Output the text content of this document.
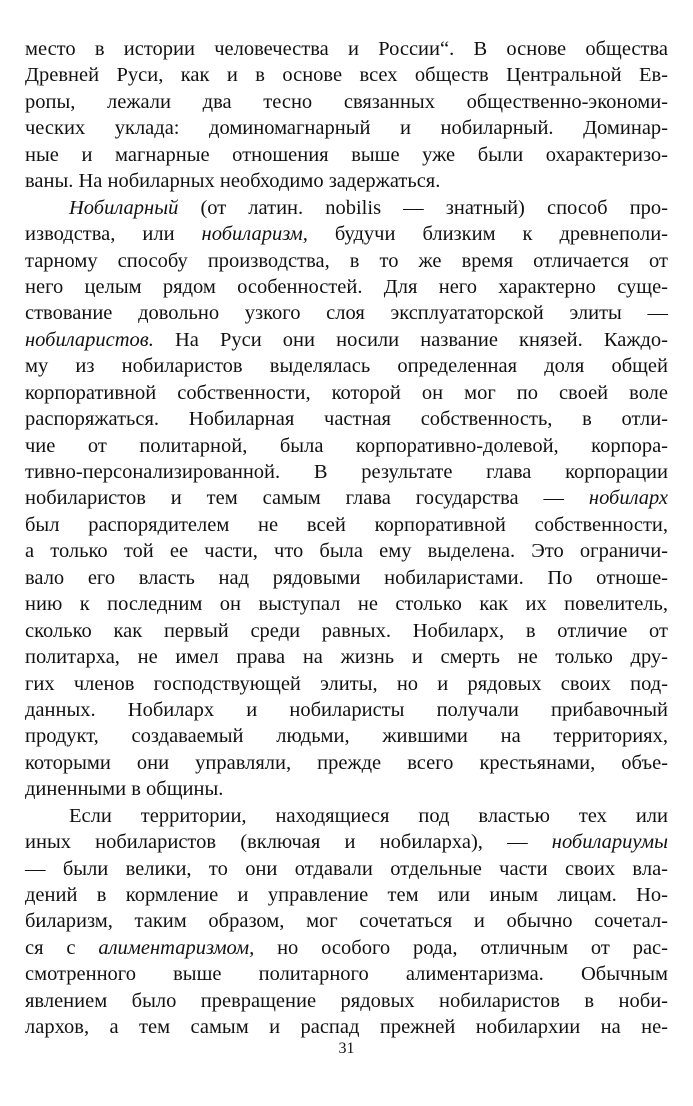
место в истории человечества и России“. В основе общества
Древней Руси, как и в основе всех обществ Центральной Ев-
ропы, лежали два тесно связанных общественно-экономи-
ческих уклада: доминомагнарный и нобиларный. Доминар-
ные и магнарные отношения выше уже были охарактеризо-
ваны. На нобиларных необходимо задержаться.
Нобиларный (от латин. nobilis — знатный) способ про-
изводства, или нобиларизм, будучи близким к древнеполи-
тарному способу производства, в то же время отличается от
него целым рядом особенностей. Для него характерно суще-
ствование довольно узкого слоя эксплуататорской элиты —
нобиларистов. На Руси они носили название князей. Каждо-
му из нобиларистов выделялась определенная доля общей
корпоративной собственности, которой он мог по своей воле
распоряжаться. Нобиларная частная собственность, в отли-
чие от политарной, была корпоративно-долевой, корпора-
тивно-персонализированной. В результате глава корпорации
нобиларистов и тем самым глава государства — нобиларх
был распорядителем не всей корпоративной собственности,
а только той ее части, что была ему выделена. Это ограничи-
вало его власть над рядовыми нобиларистами. По отноше-
нию к последним он выступал не столько как их повелитель,
сколько как первый среди равных. Нобиларх, в отличие от
политарха, не имел права на жизнь и смерть не только дру-
гих членов господствующей элиты, но и рядовых своих под-
данных. Нобиларх и нобиларисты получали прибавочный
продукт, создаваемый людьми, жившими на территориях,
которыми они управляли, прежде всего крестьянами, объе-
диненными в общины.
Если территории, находящиеся под властью тех или
иных нобиларистов (включая и нобиларха), — нобилариумы
— были велики, то они отдавали отдельные части своих вла-
дений в кормление и управление тем или иным лицам. Но-
биларизм, таким образом, мог сочетаться и обычно сочетал-
ся с алиментаризмом, но особого рода, отличным от рас-
смотренного выше политарного алиментаризма. Обычным
явлением было превращение рядовых нобиларистов в ноби-
лархов, а тем самым и распад прежней нобилархии на не-
31
